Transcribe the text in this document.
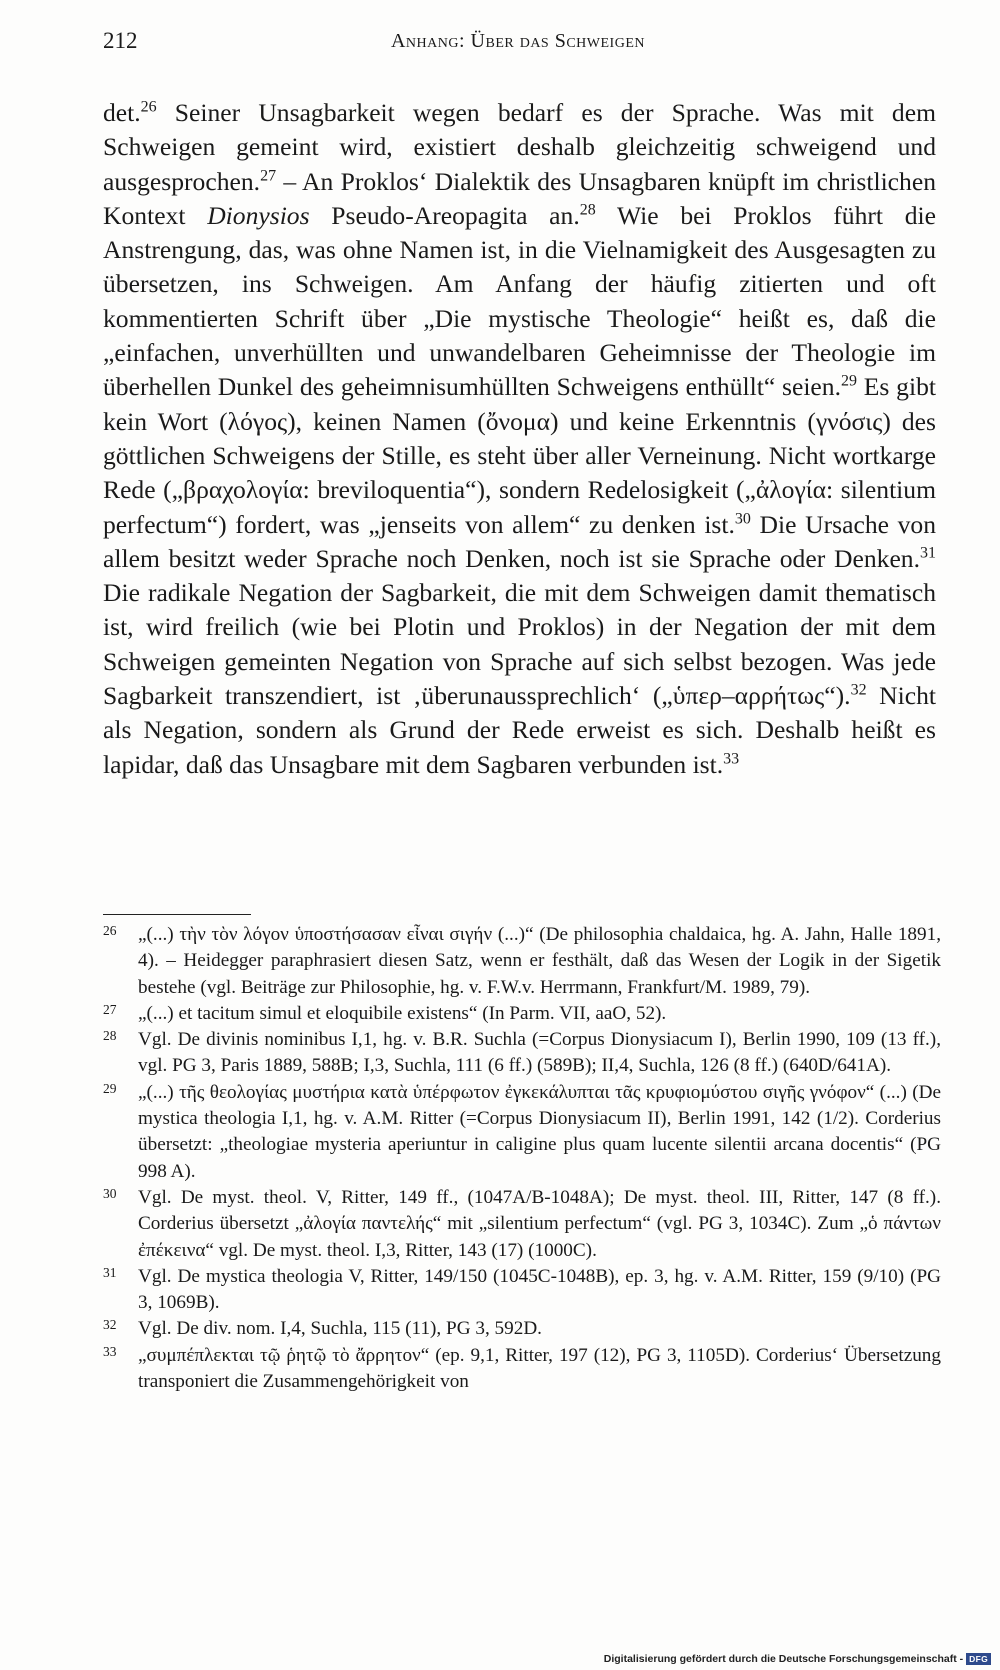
212	Anhang: Über das Schweigen

det.$^{26}$ Seiner Unsagbarkeit wegen bedarf es der Sprache. Was mit dem Schweigen gemeint wird, existiert deshalb gleichzeitig schweigend und ausgesprochen.$^{27}$ – An Proklos‘ Dialektik des Unsagbaren knüpft im christlichen Kontext Dionysios Pseudo-Areopagita an.$^{28}$ Wie bei Proklos führt die Anstrengung, das, was ohne Namen ist, in die Vielnamigkeit des Ausgesagten zu übersetzen, ins Schweigen. Am Anfang der häufig zitierten und oft kommentierten Schrift über „Die mystische Theologie“ heißt es, daß die „einfachen, unverhüllten und unwandelbaren Geheimnisse der Theologie im überhellen Dunkel des geheimnisumhüllten Schweigens enthüllt“ seien.$^{29}$ Es gibt kein Wort (λόγος), keinen Namen (ὄνομα) und keine Erkenntnis (γνόσις) des göttlichen Schweigens der Stille, es steht über aller Verneinung. Nicht wortkarge Rede („βραχολογία: breviloquentia“), sondern Redelosigkeit („ἀλογία: silentium perfectum“) fordert, was „jenseits von allem“ zu denken ist.$^{30}$ Die Ursache von allem besitzt weder Sprache noch Denken, noch ist sie Sprache oder Denken.$^{31}$ Die radikale Negation der Sagbarkeit, die mit dem Schweigen damit thematisch ist, wird freilich (wie bei Plotin und Proklos) in der Negation der mit dem Schweigen gemeinten Negation von Sprache auf sich selbst bezogen. Was jede Sagbarkeit transzendiert, ist ‚überunaussprechlich‘ („ὑπερ–αρρήτως“).$^{32}$ Nicht als Negation, sondern als Grund der Rede erweist es sich. Deshalb heißt es lapidar, daß das Unsagbare mit dem Sagbaren verbunden ist.$^{33}$

26 „(...) τὴν τὸν λόγον ὑποστήσασαν εἶναι σιγήν (...)“ (De philosophia chaldaica, hg. A. Jahn, Halle 1891, 4). – Heidegger paraphrasiert diesen Satz, wenn er festhält, daß das Wesen der Logik in der Sigetik bestehe (vgl. Beiträge zur Philosophie, hg. v. F.W.v. Herrmann, Frankfurt/M. 1989, 79).
27 „(...) et tacitum simul et eloquibile existens“ (In Parm. VII, aaO, 52).
28 Vgl. De divinis nominibus I,1, hg. v. B.R. Suchla (=Corpus Dionysiacum I), Berlin 1990, 109 (13 ff.), vgl. PG 3, Paris 1889, 588B; I,3, Suchla, 111 (6 ff.) (589B); II,4, Suchla, 126 (8 ff.) (640D/641A).
29 „(...) τῆς θεολογίας μυστήρια κατὰ ὑπέρφωτον ἐγκεκάλυπται τᾶς κρυφιομύστου σιγῆς γνόφον“ (...) (De mystica theologia I,1, hg. v. A.M. Ritter (=Corpus Dionysiacum II), Berlin 1991, 142 (1/2). Corderius übersetzt: „theologiae mysteria aperiuntur in caligine plus quam lucente silentii arcana docentis“ (PG 998 A).
30 Vgl. De myst. theol. V, Ritter, 149 ff., (1047A/B-1048A); De myst. theol. III, Ritter, 147 (8 ff.). Corderius übersetzt „ἀλογία παντελής“ mit „silentium perfectum“ (vgl. PG 3, 1034C). Zum „ὁ πάντων ἐπέκεινα“ vgl. De myst. theol. I,3, Ritter, 143 (17) (1000C).
31 Vgl. De mystica theologia V, Ritter, 149/150 (1045C-1048B), ep. 3, hg. v. A.M. Ritter, 159 (9/10) (PG 3, 1069B).
32 Vgl. De div. nom. I,4, Suchla, 115 (11), PG 3, 592D.
33 „συμπέπλεκται τῷ ῥητῷ τὸ ἄρρητον“ (ep. 9,1, Ritter, 197 (12), PG 3, 1105D). Corderius‘ Übersetzung transponiert die Zusammengehörigkeit von
Digitalisierung gefördert durch die Deutsche Forschungsgemeinschaft - DFG
